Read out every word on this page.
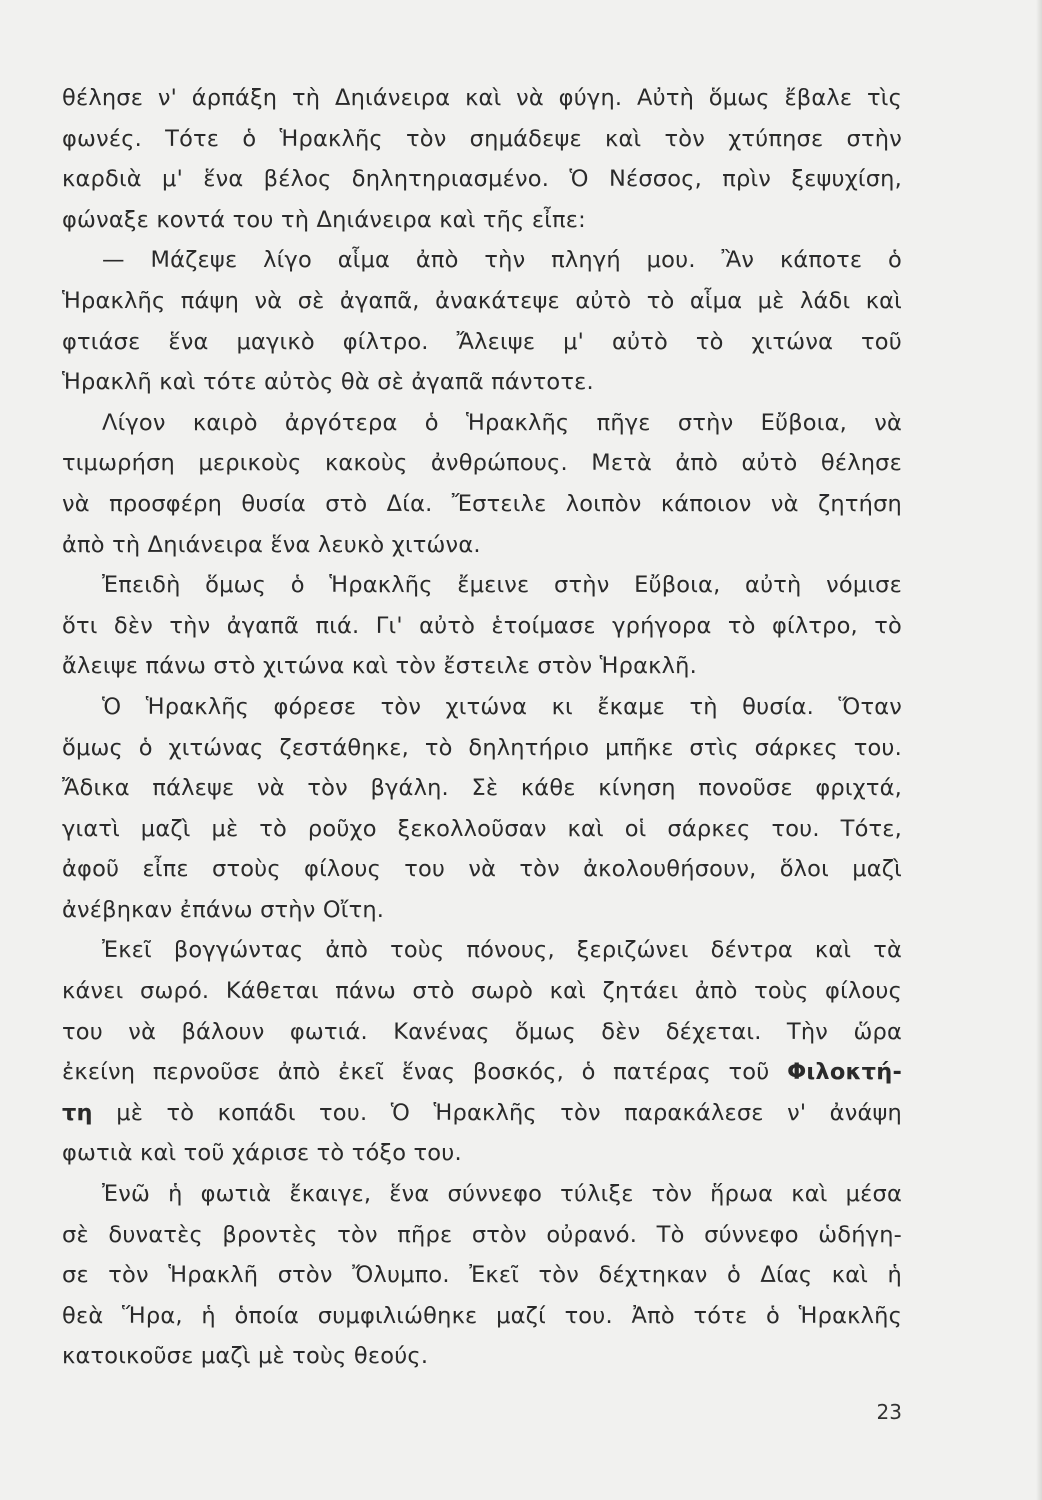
θέλησε ν' άρπάξη τὴ Δηιάνειρα καὶ νὰ φύγη. Αὐτὴ ὅμως ἔβαλε τὶς
φωνές. Τότε ὁ Ἡρακλῆς τὸν σημάδεψε καὶ τὸν χτύπησε στὴν
καρδιὰ μ' ἕνα βέλος δηλητηριασμένο. Ὁ Νέσσος, πρὶν ξεψυχίση,
φώναξε κοντά του τὴ Δηιάνειρα καὶ τῆς εἶπε:
— Μάζεψε λίγο αἷμα ἀπὸ τὴν πληγή μου. Ἂν κάποτε ὁ
Ἡρακλῆς πάψη νὰ σὲ ἀγαπᾶ, ἀνακάτεψε αὐτὸ τὸ αἷμα μὲ λάδι καὶ
φτιάσε ἕνα μαγικὸ φίλτρο. Ἄλειψε μ' αὐτὸ τὸ χιτώνα τοῦ
Ἡρακλῆ καὶ τότε αὐτὸς θὰ σὲ ἀγαπᾶ πάντοτε.
Λίγον καιρὸ ἀργότερα ὁ Ἡρακλῆς πῆγε στὴν Εὔβοια, νὰ
τιμωρήση μερικοὺς κακοὺς ἀνθρώπους. Μετὰ ἀπὸ αὐτὸ θέλησε
νὰ προσφέρη θυσία στὸ Δία. Ἔστειλε λοιπὸν κάποιον νὰ ζητήση
ἀπὸ τὴ Δηιάνειρα ἕνα λευκὸ χιτώνα.
Ἐπειδὴ ὅμως ὁ Ἡρακλῆς ἔμεινε στὴν Εὔβοια, αὐτὴ νόμισε
ὅτι δὲν τὴν ἀγαπᾶ πιά. Γι' αὐτὸ ἑτοίμασε γρήγορα τὸ φίλτρο, τὸ
ἄλειψε πάνω στὸ χιτώνα καὶ τὸν ἔστειλε στὸν Ἡρακλῆ.
Ὁ Ἡρακλῆς φόρεσε τὸν χιτώνα κι ἔκαμε τὴ θυσία. Ὅταν
ὅμως ὁ χιτώνας ζεστάθηκε, τὸ δηλητήριο μπῆκε στὶς σάρκες του.
Ἄδικα πάλεψε νὰ τὸν βγάλη. Σὲ κάθε κίνηση πονοῦσε φριχτά,
γιατὶ μαζὶ μὲ τὸ ροῦχο ξεκολλοῦσαν καὶ οἱ σάρκες του. Τότε,
ἀφοῦ εἶπε στοὺς φίλους του νὰ τὸν ἀκολουθήσουν, ὅλοι μαζὶ
ἀνέβηκαν ἐπάνω στὴν Οἴτη.
Ἐκεῖ βογγώντας ἀπὸ τοὺς πόνους, ξεριζώνει δέντρα καὶ τὰ
κάνει σωρό. Κάθεται πάνω στὸ σωρὸ καὶ ζητάει ἀπὸ τοὺς φίλους
του νὰ βάλουν φωτιά. Κανένας ὅμως δὲν δέχεται. Τὴν ὥρα
ἐκείνη περνοῦσε ἀπὸ ἐκεῖ ἕνας βοσκός, ὁ πατέρας τοῦ Φιλοκτή-
τη μὲ τὸ κοπάδι του. Ὁ Ἡρακλῆς τὸν παρακάλεσε ν' ἀνάψη
φωτιὰ καὶ τοῦ χάρισε τὸ τόξο του.
Ἐνῶ ἡ φωτιὰ ἔκαιγε, ἕνα σύννεφο τύλιξε τὸν ἥρωα καὶ μέσα
σὲ δυνατὲς βροντὲς τὸν πῆρε στὸν οὐρανό. Τὸ σύννεφο ὡδήγη-
σε τὸν Ἡρακλῆ στὸν Ὄλυμπο. Ἐκεῖ τὸν δέχτηκαν ὁ Δίας καὶ ἡ
θεὰ Ἥρα, ἡ ὁποία συμφιλιώθηκε μαζί του. Ἀπὸ τότε ὁ Ἡρακλῆς
κατοικοῦσε μαζὶ μὲ τοὺς θεούς.
23
